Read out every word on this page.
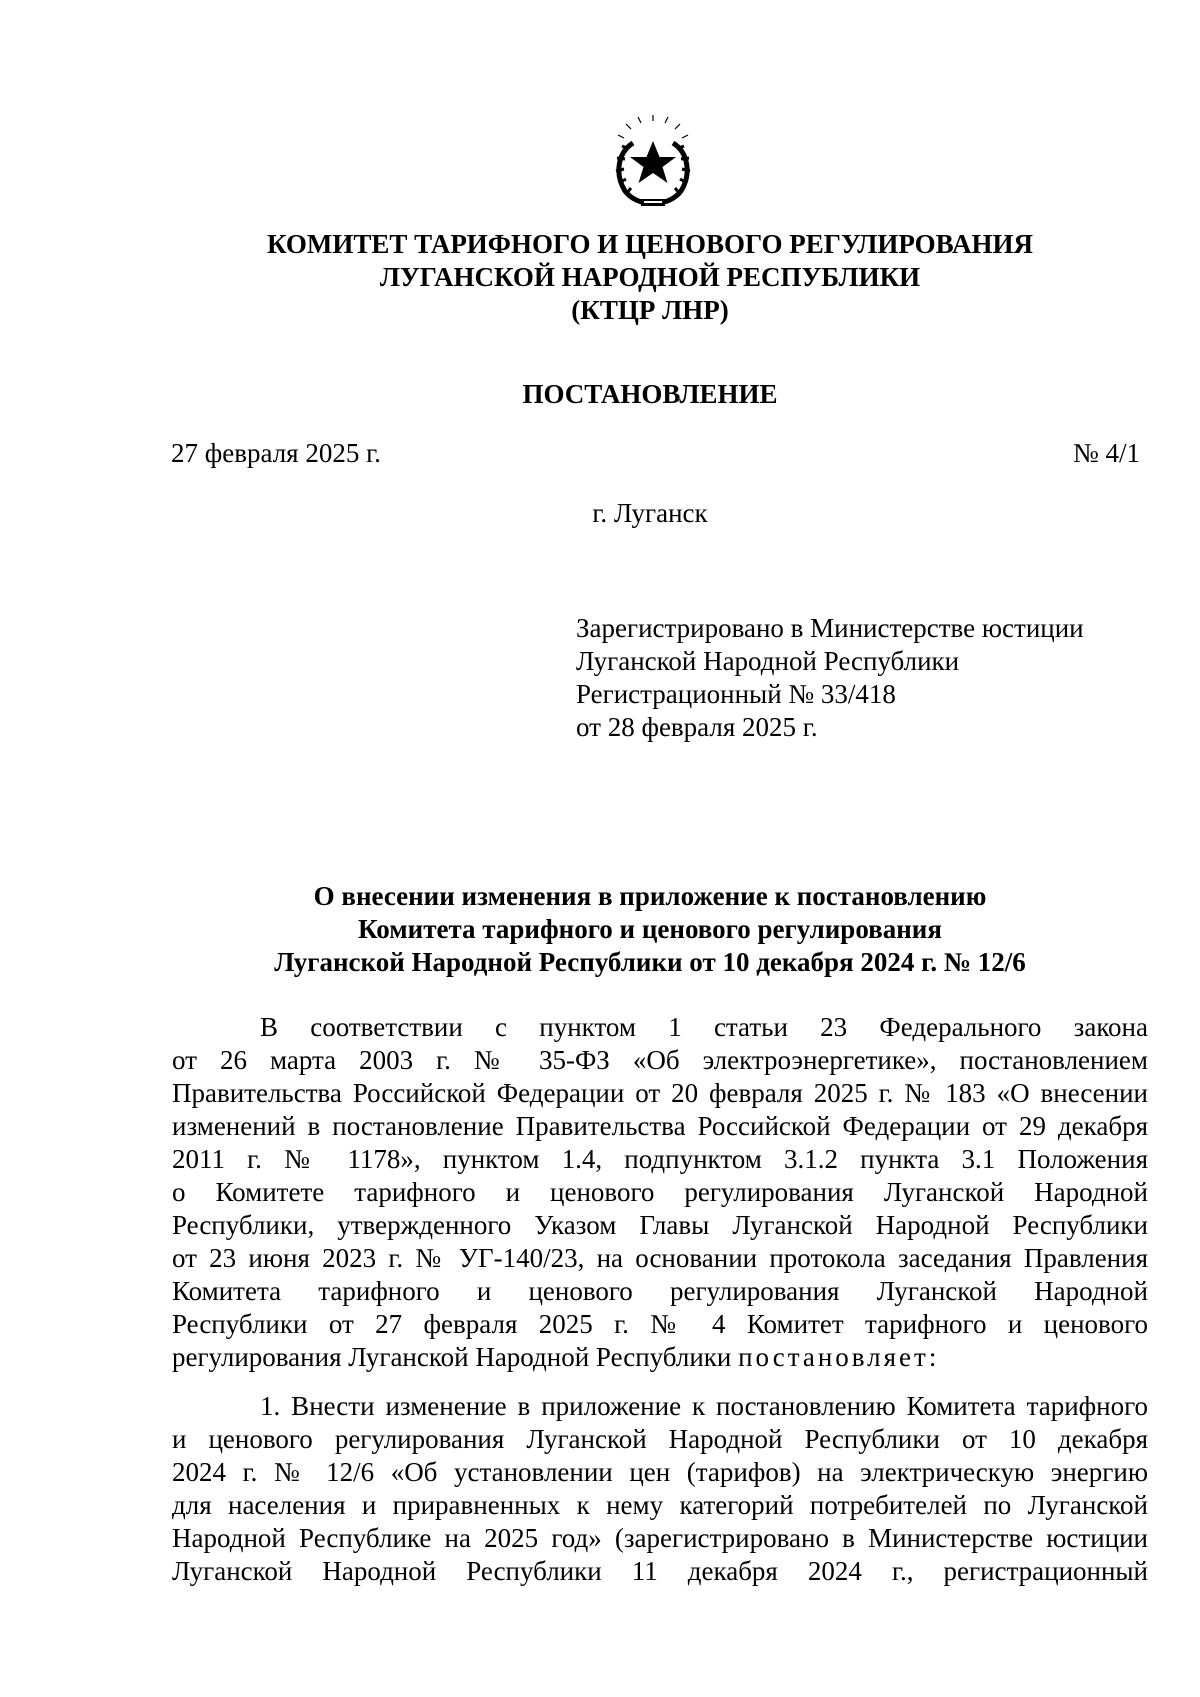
КОМИТЕТ ТАРИФНОГО И ЦЕНОВОГО РЕГУЛИРОВАНИЯ
ЛУГАНСКОЙ НАРОДНОЙ РЕСПУБЛИКИ
(КТЦР ЛНР)
ПОСТАНОВЛЕНИЕ
27 февраля 2025 г.	№ 4/1
г. Луганск
Зарегистрировано в Министерстве юстиции
Луганской Народной Республики
Регистрационный № 33/418
от 28 февраля 2025 г.
О внесении изменения в приложение к постановлению
Комитета тарифного и ценового регулирования
Луганской Народной Республики от 10 декабря 2024 г. № 12/6
В соответствии с пунктом 1 статьи 23 Федерального закона
от 26 марта 2003 г. № 35-ФЗ «Об электроэнергетике», постановлением
Правительства Российской Федерации от 20 февраля 2025 г. № 183 «О внесении
изменений в постановление Правительства Российской Федерации от 29 декабря
2011 г. № 1178», пунктом 1.4, подпунктом 3.1.2 пункта 3.1 Положения
о Комитете тарифного и ценового регулирования Луганской Народной
Республики, утвержденного Указом Главы Луганской Народной Республики
от 23 июня 2023 г. № УГ-140/23, на основании протокола заседания Правления
Комитета тарифного и ценового регулирования Луганской Народной
Республики от 27 февраля 2025 г. № 4 Комитет тарифного и ценового
регулирования Луганской Народной Республики постановляет:
1. Внести изменение в приложение к постановлению Комитета тарифного
и ценового регулирования Луганской Народной Республики от 10 декабря
2024 г. № 12/6 «Об установлении цен (тарифов) на электрическую энергию
для населения и приравненных к нему категорий потребителей по Луганской
Народной Республике на 2025 год» (зарегистрировано в Министерстве юстиции
Луганской Народной Республики 11 декабря 2024 г., регистрационный
